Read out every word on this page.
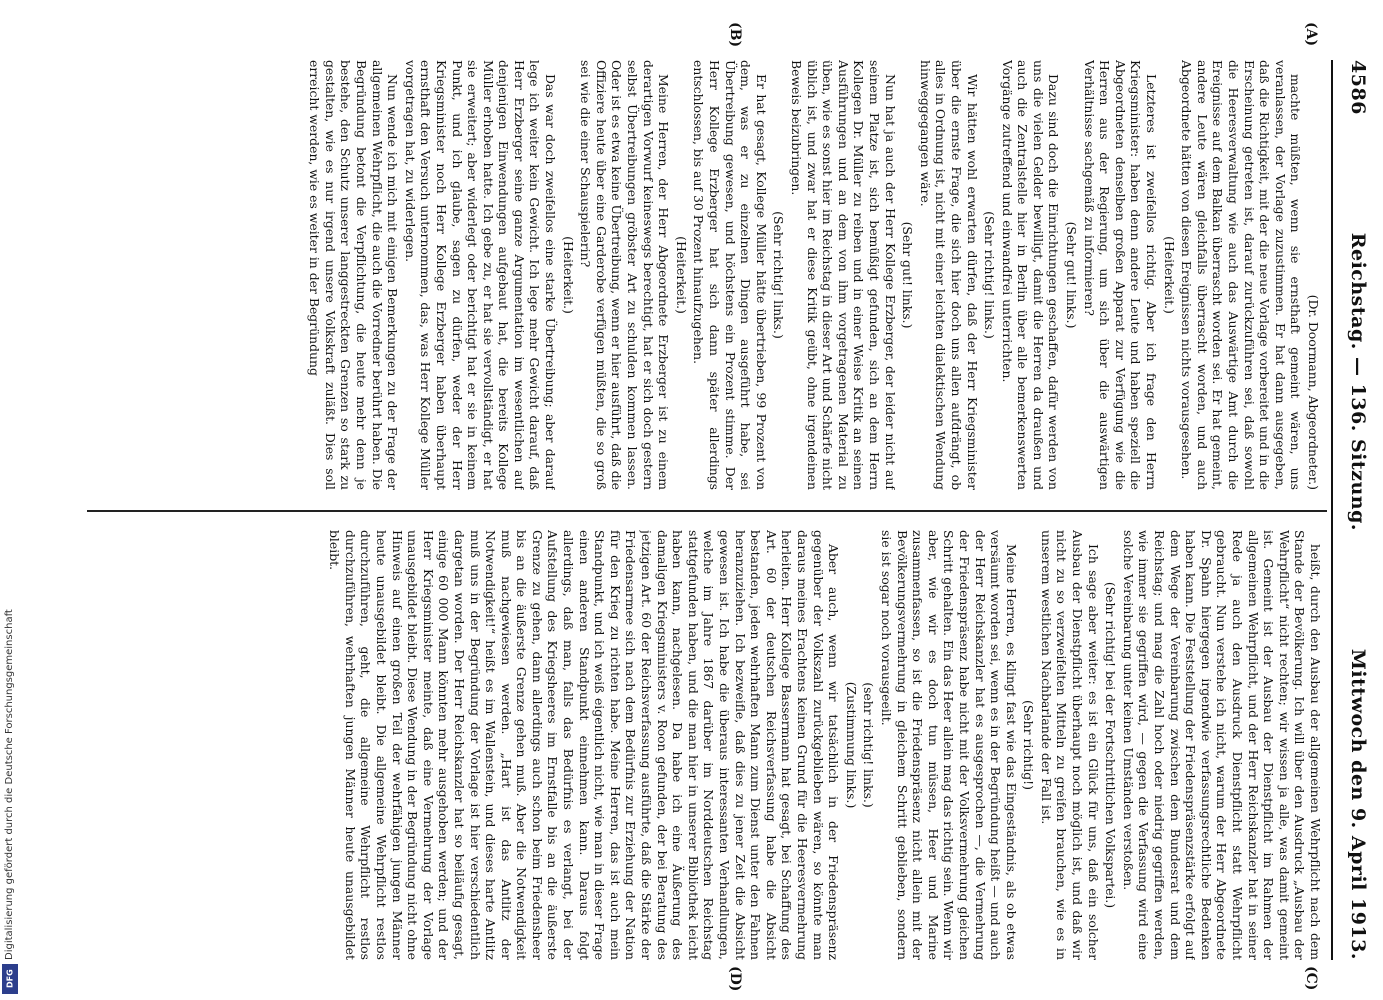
Digitalisierung gefördert durch die Deutsche Forschungsgemeinschaft
DFG
4586
Reichstag. — 136. Sitzung.
Mittwoch den 9. April 1913.
(A)
(B)
(C)
(D)

(Dr. Doormann, Abgeordneter.)

machte müßten, wenn sie ernsthaft gemeint wären, uns veranlassen, der Vorlage zuzustimmen. Er hat dann ausgegeben, daß die Richtigkeit, mit der die neue Vorlage vorbereitet und in die Erscheinung getreten ist, darauf zurückzuführen sei, daß sowohl die Heeresverwaltung wie auch das Auswärtige Amt durch die Ereignisse auf dem Balkan überrascht worden sei. Er hat gemeint, andere Leute wären gleichfalls überrascht worden, und auch Abgeordnete hätten von diesen Ereignissen nichts vorausgesehen.

(Heiterkeit.)

Letzteres ist zweifellos richtig. Aber ich frage den Herrn Kriegsminister: haben denn andere Leute und haben speziell die Abgeordneten denselben großen Apparat zur Verfügung wie die Herren aus der Regierung, um sich über die auswärtigen Verhältnisse sachgemäß zu informieren?

(Sehr gut! links.)

Dazu sind doch die Einrichtungen geschaffen, dafür werden von uns die vielen Gelder bewilligt, damit die Herren da draußen und auch die Zentralstelle hier in Berlin über alle bemerkenswerten Vorgänge zutreffend und einwandfrei unterrichten.

(Sehr richtig! links.)

Wir hätten wohl erwarten dürfen, daß der Herr Kriegsminister über die ernste Frage, die sich hier doch uns allen aufdrängt, ob alles in Ordnung ist, nicht mit einer leichten dialektischen Wendung hinweggegangen wäre.

(Sehr gut! links.)

Nun hat ja auch der Herr Kollege Erzberger, der leider nicht auf seinem Platze ist, sich bemüßigt gefunden, sich an dem Herrn Kollegen Dr. Müller zu reiben und in einer Weise Kritik an seinen Ausführungen und an dem von ihm vorgetragenen Material zu üben, wie es sonst hier im Reichstag in dieser Art und Schärfe nicht üblich ist, und zwar hat er diese Kritik geübt, ohne irgendeinen Beweis beizubringen.

(Sehr richtig! links.)

Er hat gesagt, Kollege Müller hätte übertrieben, 99 Prozent von dem, was er zu einzelnen Dingen ausgeführt habe, sei Übertreibung gewesen, und höchstens ein Prozent stimme. Der Herr Kollege Erzberger hat sich dann später allerdings entschlossen, bis auf 30 Prozent hinaufzugehen.

(Heiterkeit.)

Meine Herren, der Herr Abgeordnete Erzberger ist zu einem derartigen Vorwurf keineswegs berechtigt, hat er sich doch gestern selbst Übertreibungen gröbster Art zu schulden kommen lassen. Oder ist es etwa keine Übertreibung, wenn er hier ausführt, daß die Offiziere heute über eine Garderobe verfügen müßten, die so groß sei wie die einer Schauspielerin?

(Heiterkeit.)

Das war doch zweifellos eine starke Übertreibung; aber darauf lege ich weiter kein Gewicht. Ich lege mehr Gewicht darauf, daß Herr Erzberger seine ganze Argumentation im wesentlichen auf denjenigen Einwendungen aufgebaut hat, die bereits Kollege Müller erhoben hatte. Ich gebe zu, er hat sie vervollständigt, er hat sie erweitert; aber widerlegt oder berichtigt hat er sie in keinem Punkt, und ich glaube, sagen zu dürfen, weder der Herr Kriegsminister noch Herr Kollege Erzberger haben überhaupt ernsthaft den Versuch unternommen, das, was Herr Kollege Müller vorgetragen hat, zu widerlegen.

Nun wende ich mich mit einigen Bemerkungen zu der Frage der allgemeinen Wehrpflicht, die auch die Vorredner berührt haben. Die Begründung betont die Verpflichtung, die heute mehr denn je bestehe, den Schutz unserer langgestreckten Grenzen so stark zu gestalten, wie es nur irgend unsere Volkskraft zuläßt. Dies soll erreicht werden, wie es weiter in der Begründung

heißt, durch den Ausbau der allgemeinen Wehrpflicht nach dem Stande der Bevölkerung. Ich will über den Ausdruck „Ausbau der Wehrpflicht“ nicht rechten; wir wissen ja alle, was damit gemeint ist. Gemeint ist der Ausbau der Dienstpflicht im Rahmen der allgemeinen Wehrpflicht, und der Herr Reichskanzler hat in seiner Rede ja auch den Ausdruck Dienstpflicht statt Wehrpflicht gebraucht. Nun verstehe ich nicht, warum der Herr Abgeordnete Dr. Spahn hiergegen irgendwie verfassungsrechtliche Bedenken haben kann. Die Feststellung der Friedenspräsenzstärke erfolgt auf dem Wege der Vereinbarung zwischen dem Bundesrat und dem Reichstag; und mag die Zahl hoch oder niedrig gegriffen werden, wie immer sie gegriffen wird, — gegen die Verfassung wird eine solche Vereinbarung unter keinen Umständen verstoßen.

(Sehr richtig! bei der Fortschrittlichen Volkspartei.)

Ich sage aber weiter: es ist ein Glück für uns, daß ein solcher Ausbau der Dienstpflicht überhaupt noch möglich ist, und daß wir nicht zu so verzweifelten Mitteln zu greifen brauchen, wie es in unserem westlichen Nachbarlande der Fall ist.

(Sehr richtig!)

Meine Herren, es klingt fast wie das Eingeständnis, als ob etwas versäumt worden sei, wenn es in der Begründung heißt — und auch der Herr Reichskanzler hat es ausgesprochen —, die Vermehrung der Friedenspräsenz habe nicht mit der Volksvermehrung gleichen Schritt gehalten. Ein das Heer allein mag das richtig sein. Wenn wir aber, wie wir es doch tun müssen, Heer und Marine zusammenfassen, so ist die Friedenspräsenz nicht allein mit der Bevölkerungsvermehrung in gleichem Schritt geblieben, sondern sie ist sogar noch vorausgeeilt.

(sehr richtig! links.)

(Zustimmung links.)

Aber auch, wenn wir tatsächlich in der Friedenspräsenz gegenüber der Volkszahl zurückgeblieben wären, so könnte man daraus meines Erachtens keinen Grund für die Heeresvermehrung herleiten. Herr Kollege Bassermann hat gesagt, bei Schaffung des Art. 60 der deutschen Reichsverfassung habe die Absicht bestanden, jeden wehrhaften Mann zum Dienst unter den Fahnen heranzuziehen. Ich bezweifle, daß dies zu jener Zeit die Absicht gewesen ist. Ich habe die überaus interessanten Verhandlungen, welche im Jahre 1867 darüber im Norddeutschen Reichstag stattgefunden haben, und die man hier in unserer Bibliothek leicht haben kann, nachgelesen. Da habe ich eine Äußerung des damaligen Kriegsministers v. Roon gefunden, der bei Beratung des jetzigen Art. 60 der Reichsverfassung ausführte, daß die Stärke der Friedensarmee sich nach dem Bedürfnis zur Erziehung der Nation für den Krieg zu richten habe. Meine Herren, das ist auch mein Standpunkt, und ich weiß eigentlich nicht, wie man in dieser Frage einen anderen Standpunkt einnehmen kann. Daraus folgt allerdings, daß man, falls das Bedürfnis es verlangt, bei der Aufstellung des Kriegsheeres im Ernstfalle bis an die äußerste Grenze zu gehen, dann allerdings auch schon beim Friedensheer bis an die äußerste Grenze gehen muß. Aber die Notwendigkeit muß nachgewiesen werden. „Hart ist das Antlitz der Notwendigkeit!“ heißt es im Wallenstein, und dieses harte Antlitz muß uns in der Begründung der Vorlage ist hier verschiedentlich dargetan worden. Der Herr Reichskanzler hat so beiläufig gesagt, einige 60 000 Mann könnten mehr ausgehoben werden; und der Herr Kriegsminister meinte, daß eine Vermehrung der Vorlage unausgebildet bleibt. Diese Wendung in der Begründung nicht ohne Hinweis auf einen großen Teil der wehrfähigen jungen Männer heute unausgebildet bleibt. Die allgemeine Wehrpflicht restlos durchzuführen, geht, die allgemeine Wehrpflicht restlos durchzuführen, wehrhaften jungen Männer heute unausgebildet bleibt.
